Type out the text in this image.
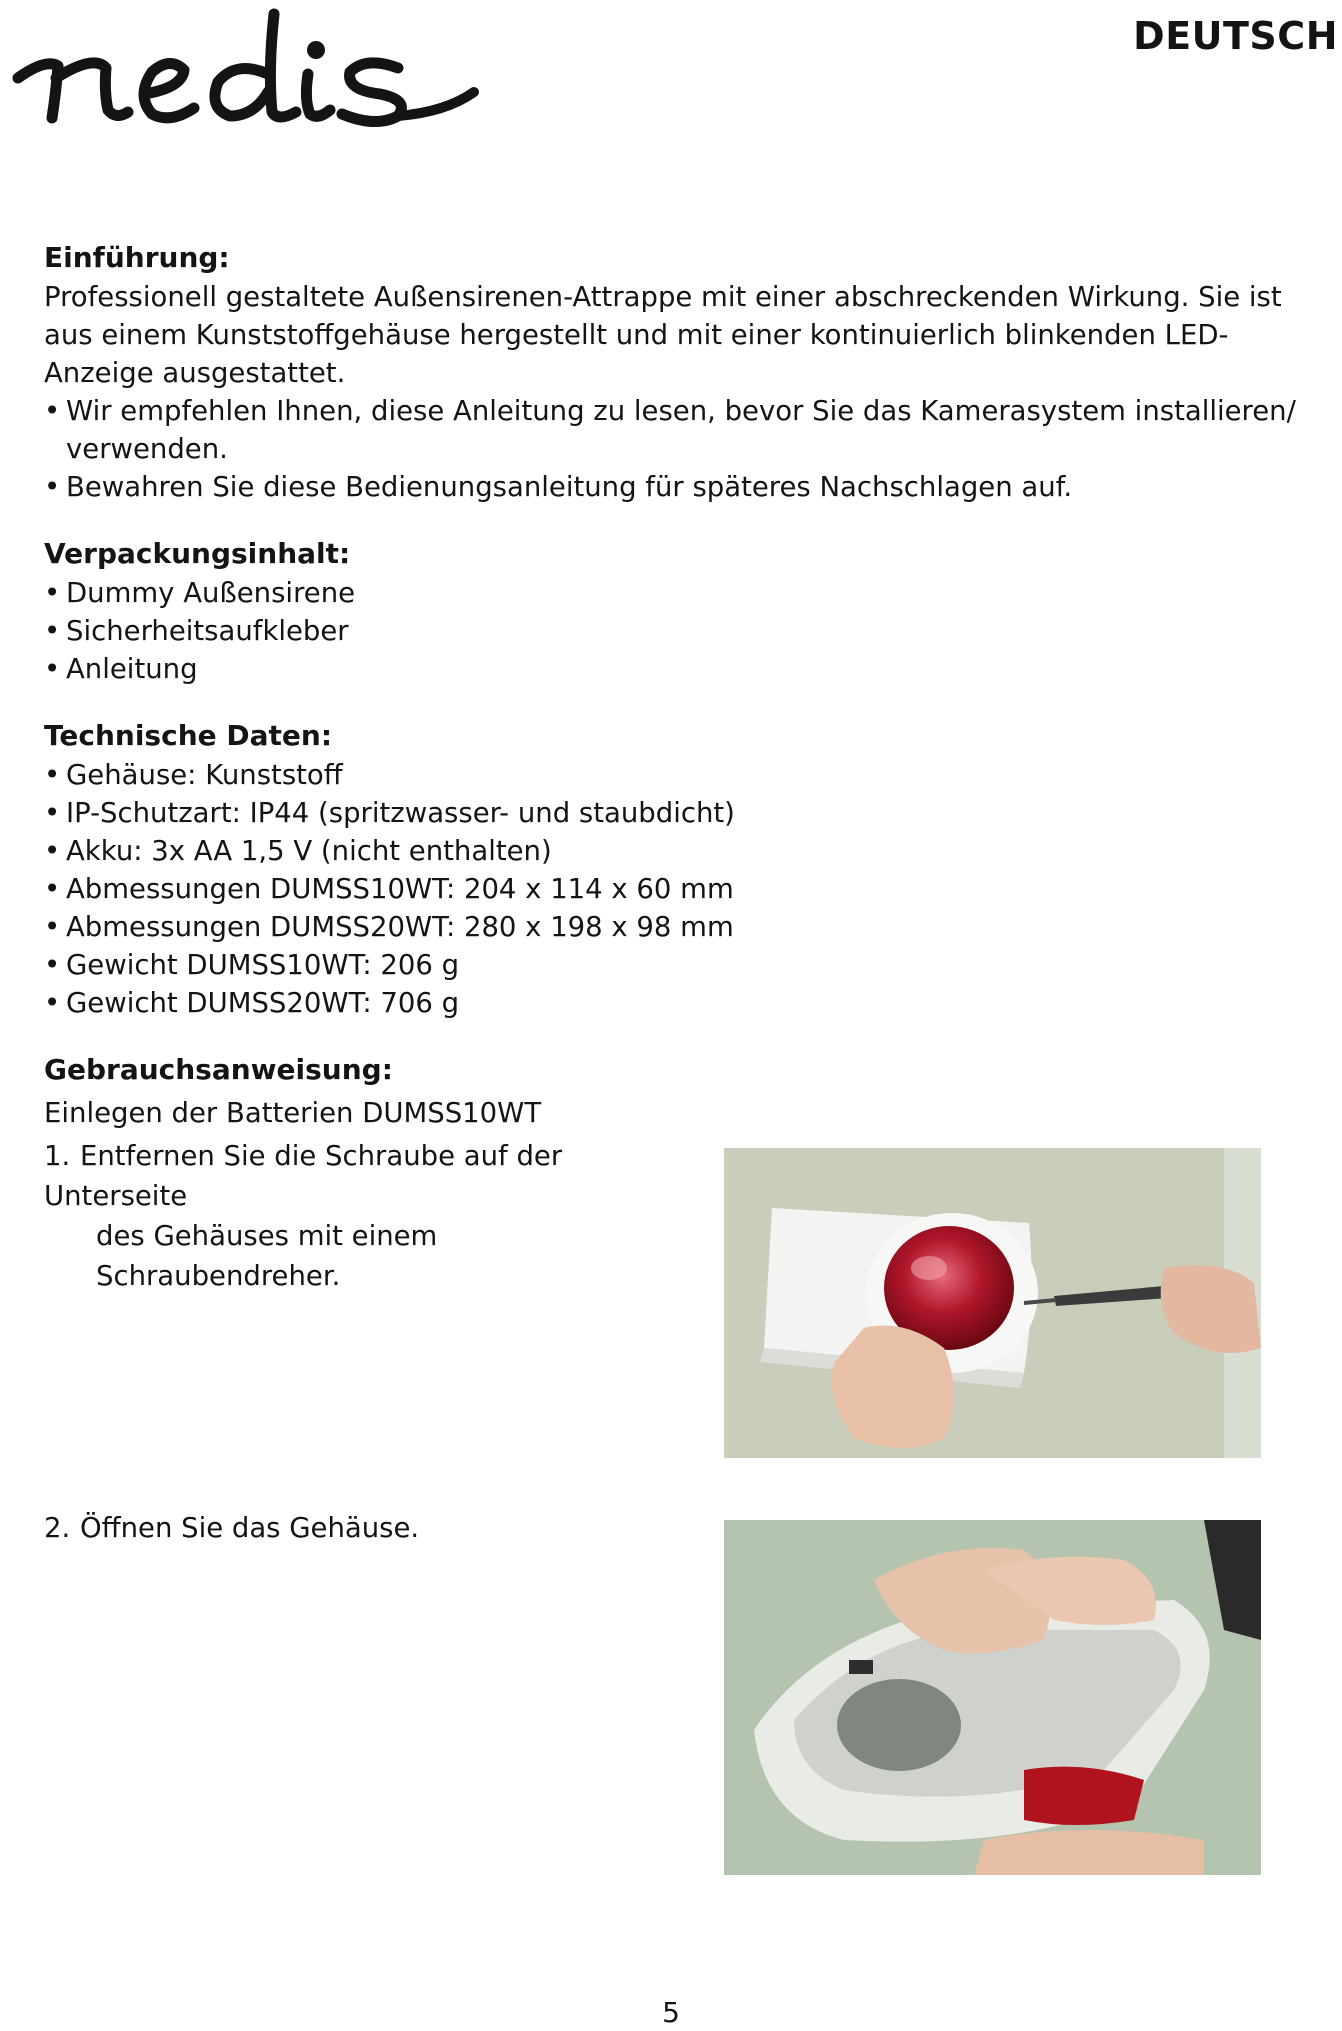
DEUTSCH
Einführung:

Professionell gestaltete Außensirenen-Attrappe mit einer abschreckenden Wirkung. Sie ist aus einem Kunststoffgehäuse hergestellt und mit einer kontinuierlich blinkenden LED-Anzeige ausgestattet.

• Wir empfehlen Ihnen, diese Anleitung zu lesen, bevor Sie das Kamerasystem installieren/ verwenden.
• Bewahren Sie diese Bedienungsanleitung für späteres Nachschlagen auf.
Verpackungsinhalt:
• Dummy Außensirene
• Sicherheitsaufkleber
• Anleitung
Technische Daten:
• Gehäuse: Kunststoff
• IP-Schutzart: IP44 (spritzwasser- und staubdicht)
• Akku: 3x AA 1,5 V (nicht enthalten)
• Abmessungen DUMSS10WT: 204 x 114 x 60 mm
• Abmessungen DUMSS20WT: 280 x 198 x 98 mm
• Gewicht DUMSS10WT: 206 g
• Gewicht DUMSS20WT: 706 g
Gebrauchsanweisung:

Einlegen der Batterien DUMSS10WT

1. Entfernen Sie die Schraube auf der Unterseite
des Gehäuses mit einem Schraubendreher.
2. Öffnen Sie das Gehäuse.
5
